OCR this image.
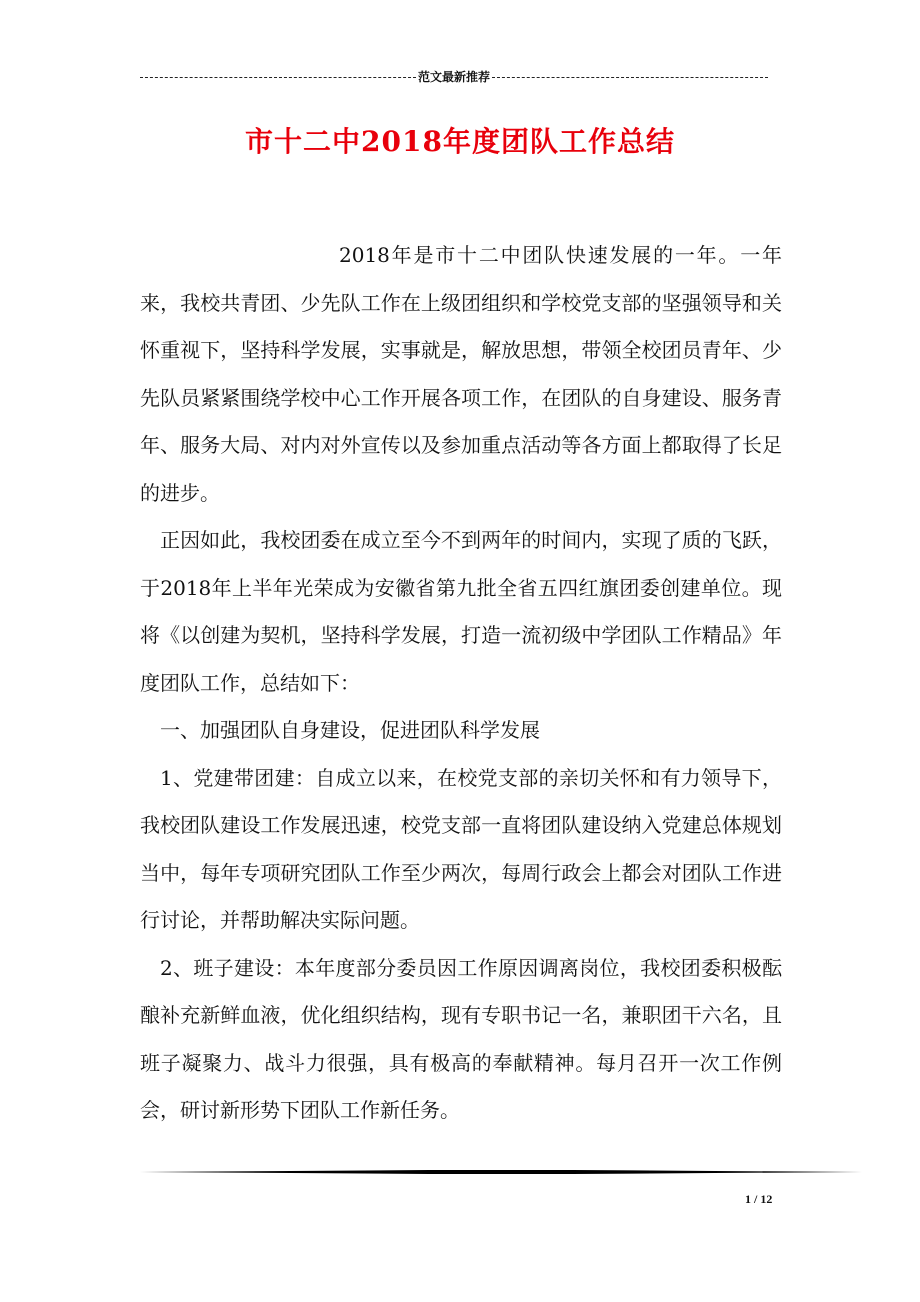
范文最新推荐
市十二中2018年度团队工作总结

2018年是市十二中团队快速发展的一年。一年来，我校共青团、少先队工作在上级团组织和学校党支部的坚强领导和关怀重视下，坚持科学发展，实事就是，解放思想，带领全校团员青年、少先队员紧紧围绕学校中心工作开展各项工作，在团队的自身建设、服务青年、服务大局、对内对外宣传以及参加重点活动等各方面上都取得了长足的进步。

正因如此，我校团委在成立至今不到两年的时间内，实现了质的飞跃，于2018年上半年光荣成为安徽省第九批全省五四红旗团委创建单位。现将《以创建为契机，坚持科学发展，打造一流初级中学团队工作精品》年度团队工作，总结如下：

一、加强团队自身建设，促进团队科学发展

1、党建带团建：自成立以来，在校党支部的亲切关怀和有力领导下，我校团队建设工作发展迅速，校党支部一直将团队建设纳入党建总体规划当中，每年专项研究团队工作至少两次，每周行政会上都会对团队工作进行讨论，并帮助解决实际问题。

2、班子建设：本年度部分委员因工作原因调离岗位，我校团委积极酝酿补充新鲜血液，优化组织结构，现有专职书记一名，兼职团干六名，且班子凝聚力、战斗力很强，具有极高的奉献精神。每月召开一次工作例会，研讨新形势下团队工作新任务。

1 / 12
